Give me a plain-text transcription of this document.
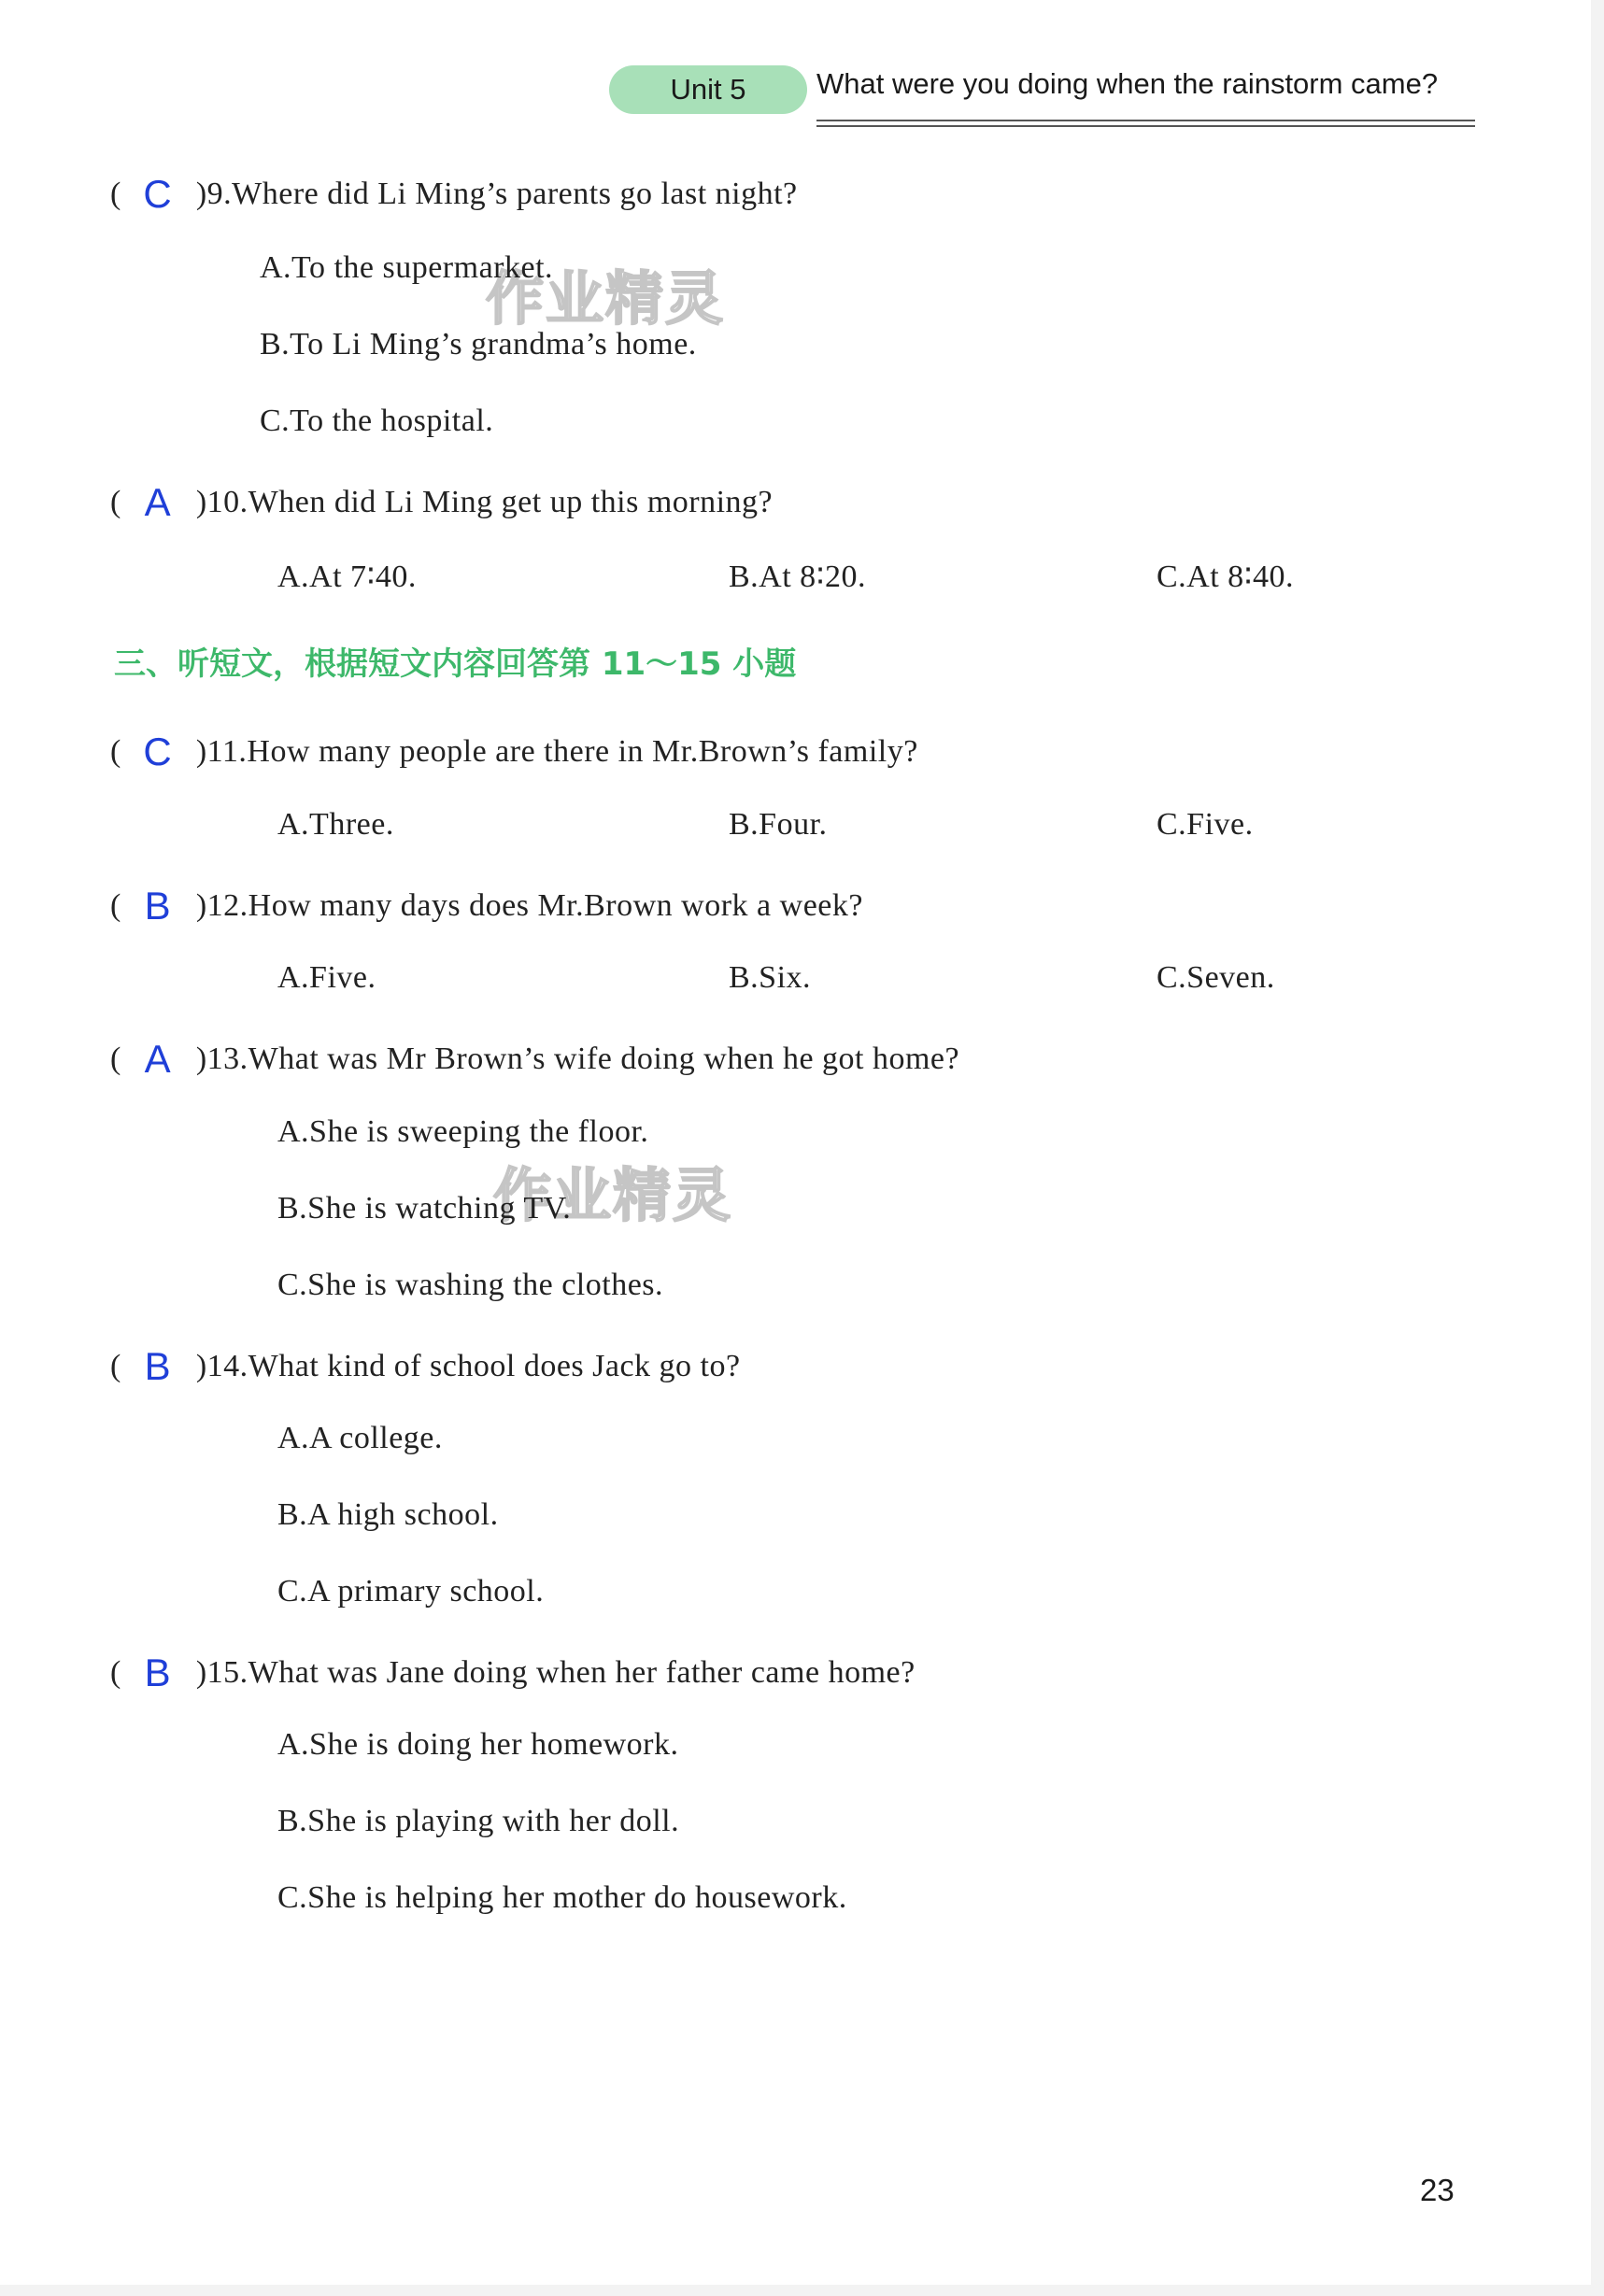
Unit 5 What were you doing when the rainstorm came?
作业精灵
作业精灵
( C )9.Where did Li Ming’s parents go last night?
A.To the supermarket.
B.To Li Ming’s grandma’s home.
C.To the hospital.
( A )10.When did Li Ming get up this morning?
A.At 7∶40.	B.At 8∶20.	C.At 8∶40.
三、听短文，根据短文内容回答第 11～15 小题
( C )11.How many people are there in Mr.Brown’s family?
A.Three.	B.Four.	C.Five.
( B )12.How many days does Mr.Brown work a week?
A.Five.	B.Six.	C.Seven.
( A )13.What was Mr Brown’s wife doing when he got home?
A.She is sweeping the floor.
B.She is watching TV.
C.She is washing the clothes.
( B )14.What kind of school does Jack go to?
A.A college.
B.A high school.
C.A primary school.
( B )15.What was Jane doing when her father came home?
A.She is doing her homework.
B.She is playing with her doll.
C.She is helping her mother do housework.
23
